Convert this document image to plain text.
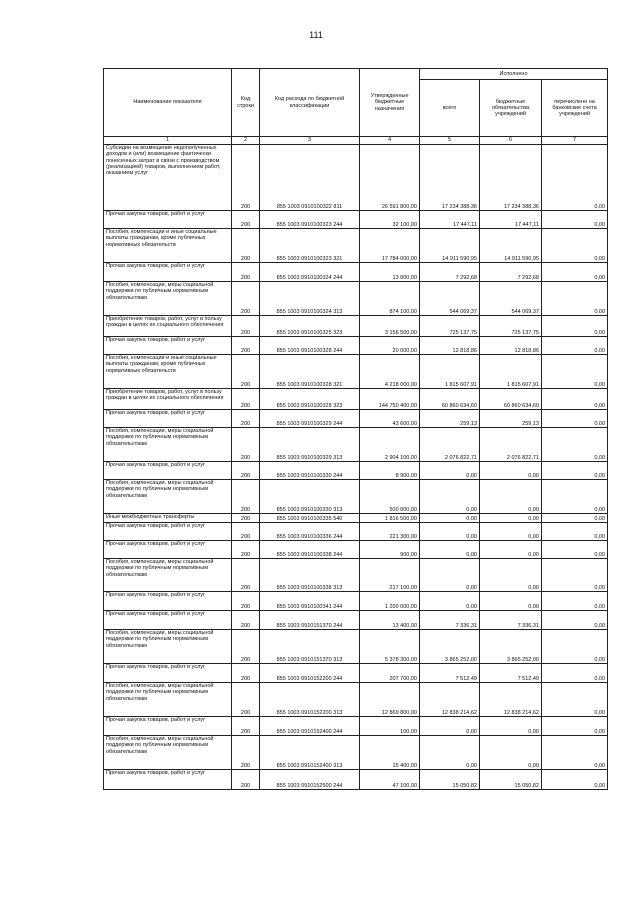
111
Наименование показателя	Код строки	Код расхода по бюджетной классификации	Утвержденные бюджетные назначения	Исполнено		
				всего	бюджетные обязательства учреждений	перечислено на банковские счета учреждений
1	2	3	4	5	6	7
Субсидии на возмещение недополученных доходов и (или) возмещение фактически понесенных затрат в связи с производством (реализацией) товаров, выполнением работ, оказанием услуг	200	855 1003 0910100322 811	26 591 800,00	17 234 388,36	17 234 388,36	0,00
Прочая закупка товаров, работ и услуг	200	855 1003 0910100323 244	32 100,00	17 447,11	17 447,11	0,00
Пособия, компенсации и иные социальные выплаты гражданам, кроме публичных нормативных обязательств	200	855 1003 0910100323 321	17 784 000,00	14 911 590,95	14 911 590,95	0,00
Прочая закупка товаров, работ и услуг	200	855 1003 0910100324 244	13 000,00	7 292,68	7 292,68	0,00
Пособия, компенсации, меры социальной поддержки по публичным нормативным обязательствам	200	855 1003 0910100324 313	874 100,00	544 069,37	544 069,37	0,00
Приобретение товаров, работ, услуг в пользу граждан в целях их социального обеспечения	200	855 1003 0910100325 323	3 156 500,00	725 137,75	725 137,75	0,00
Прочая закупка товаров, работ и услуг	200	855 1003 0910100328 244	20 000,00	12 818,86	12 818,86	0,00
Пособия, компенсации и иные социальные выплаты гражданам, кроме публичных нормативных обязательств	200	855 1003 0910100328 321	4 218 000,00	1 815 607,91	1 815 607,91	0,00
Приобретение товаров, работ, услуг в пользу граждан в целях их социального обеспечения	200	855 1003 0910100328 323	144 750 400,00	60 860 634,60	60 860 634,60	0,00
Прочая закупка товаров, работ и услуг	200	855 1003 0910100329 244	43 600,00	259,13	259,13	0,00
Пособия, компенсации, меры социальной поддержки по публичным нормативным обязательствам	200	855 1003 0910100329 313	2 904 100,00	2 076 822,71	2 076 822,71	0,00
Прочая закупка товаров, работ и услуг	200	855 1003 0910100330 244	8 900,00	0,00	0,00	0,00
Пособия, компенсации, меры социальной поддержки по публичным нормативным обязательствам	200	855 1003 0910100330 313	500 000,00	0,00	0,00	0,00
Иные межбюджетные трансферты	200	855 1003 0910100335 540	1 816 500,00	0,00	0,00	0,00
Прочая закупка товаров, работ и услуг	200	855 1003 0910100336 244	221 300,00	0,00	0,00	0,00
Прочая закупка товаров, работ и услуг	200	855 1003 0910100338 244	900,00	0,00	0,00	0,00
Пособия, компенсации, меры социальной поддержки по публичным нормативным обязательствам	200	855 1003 0910100338 313	217 100,00	0,00	0,00	0,00
Прочая закупка товаров, работ и услуг	200	855 1003 0910100341 244	1 200 000,00	0,00	0,00	0,00
Прочая закупка товаров, работ и услуг	200	855 1003 0910151370 244	13 400,00	7 336,31	7 336,31	0,00
Пособия, компенсации, меры социальной поддержки по публичным нормативным обязательствам	200	855 1003 0910151370 313	5 378 300,00	3 865 252,00	3 865 252,00	0,00
Прочая закупка товаров, работ и услуг	200	855 1003 0910152200 244	207 700,00	7 512,49	7 512,49	0,00
Пособия, компенсации, меры социальной поддержки по публичным нормативным обязательствам	200	855 1003 0910152200 313	12 869 800,00	12 838 214,62	12 838 214,62	0,00
Прочая закупка товаров, работ и услуг	200	855 1003 0910152400 244	100,00	0,00	0,00	0,00
Пособия, компенсации, меры социальной поддержки по публичным нормативным обязательствам	200	855 1003 0910152400 313	15 400,00	0,00	0,00	0,00
Прочая закупка товаров, работ и услуг	200	855 1003 0910152500 244	47 100,00	15 050,82	15 050,82	0,00
